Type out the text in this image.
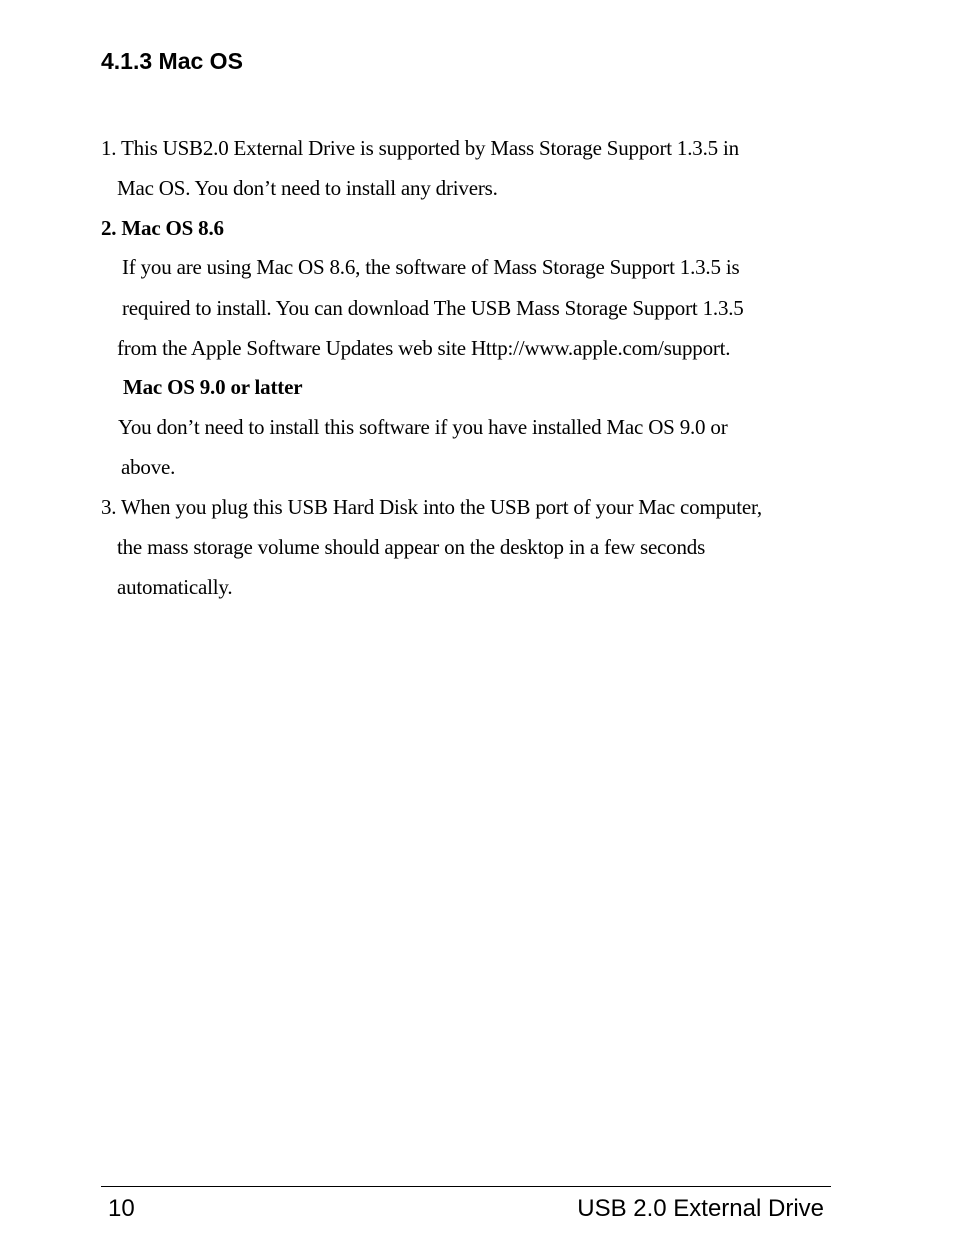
4.1.3 Mac OS

1. This USB2.0 External Drive is supported by Mass Storage Support 1.3.5 in

Mac OS. You don’t need to install any drivers.

2. Mac OS 8.6

If you are using Mac OS 8.6, the software of Mass Storage Support 1.3.5 is

required to install. You can download The USB Mass Storage Support 1.3.5

from the Apple Software Updates web site Http://www.apple.com/support.

Mac OS 9.0 or latter

You don’t need to install this software if you have installed Mac OS 9.0 or

above.

3. When you plug this USB Hard Disk into the USB port of your Mac computer,

the mass storage volume should appear on the desktop in a few seconds

automatically.

10	USB 2.0 External Drive
